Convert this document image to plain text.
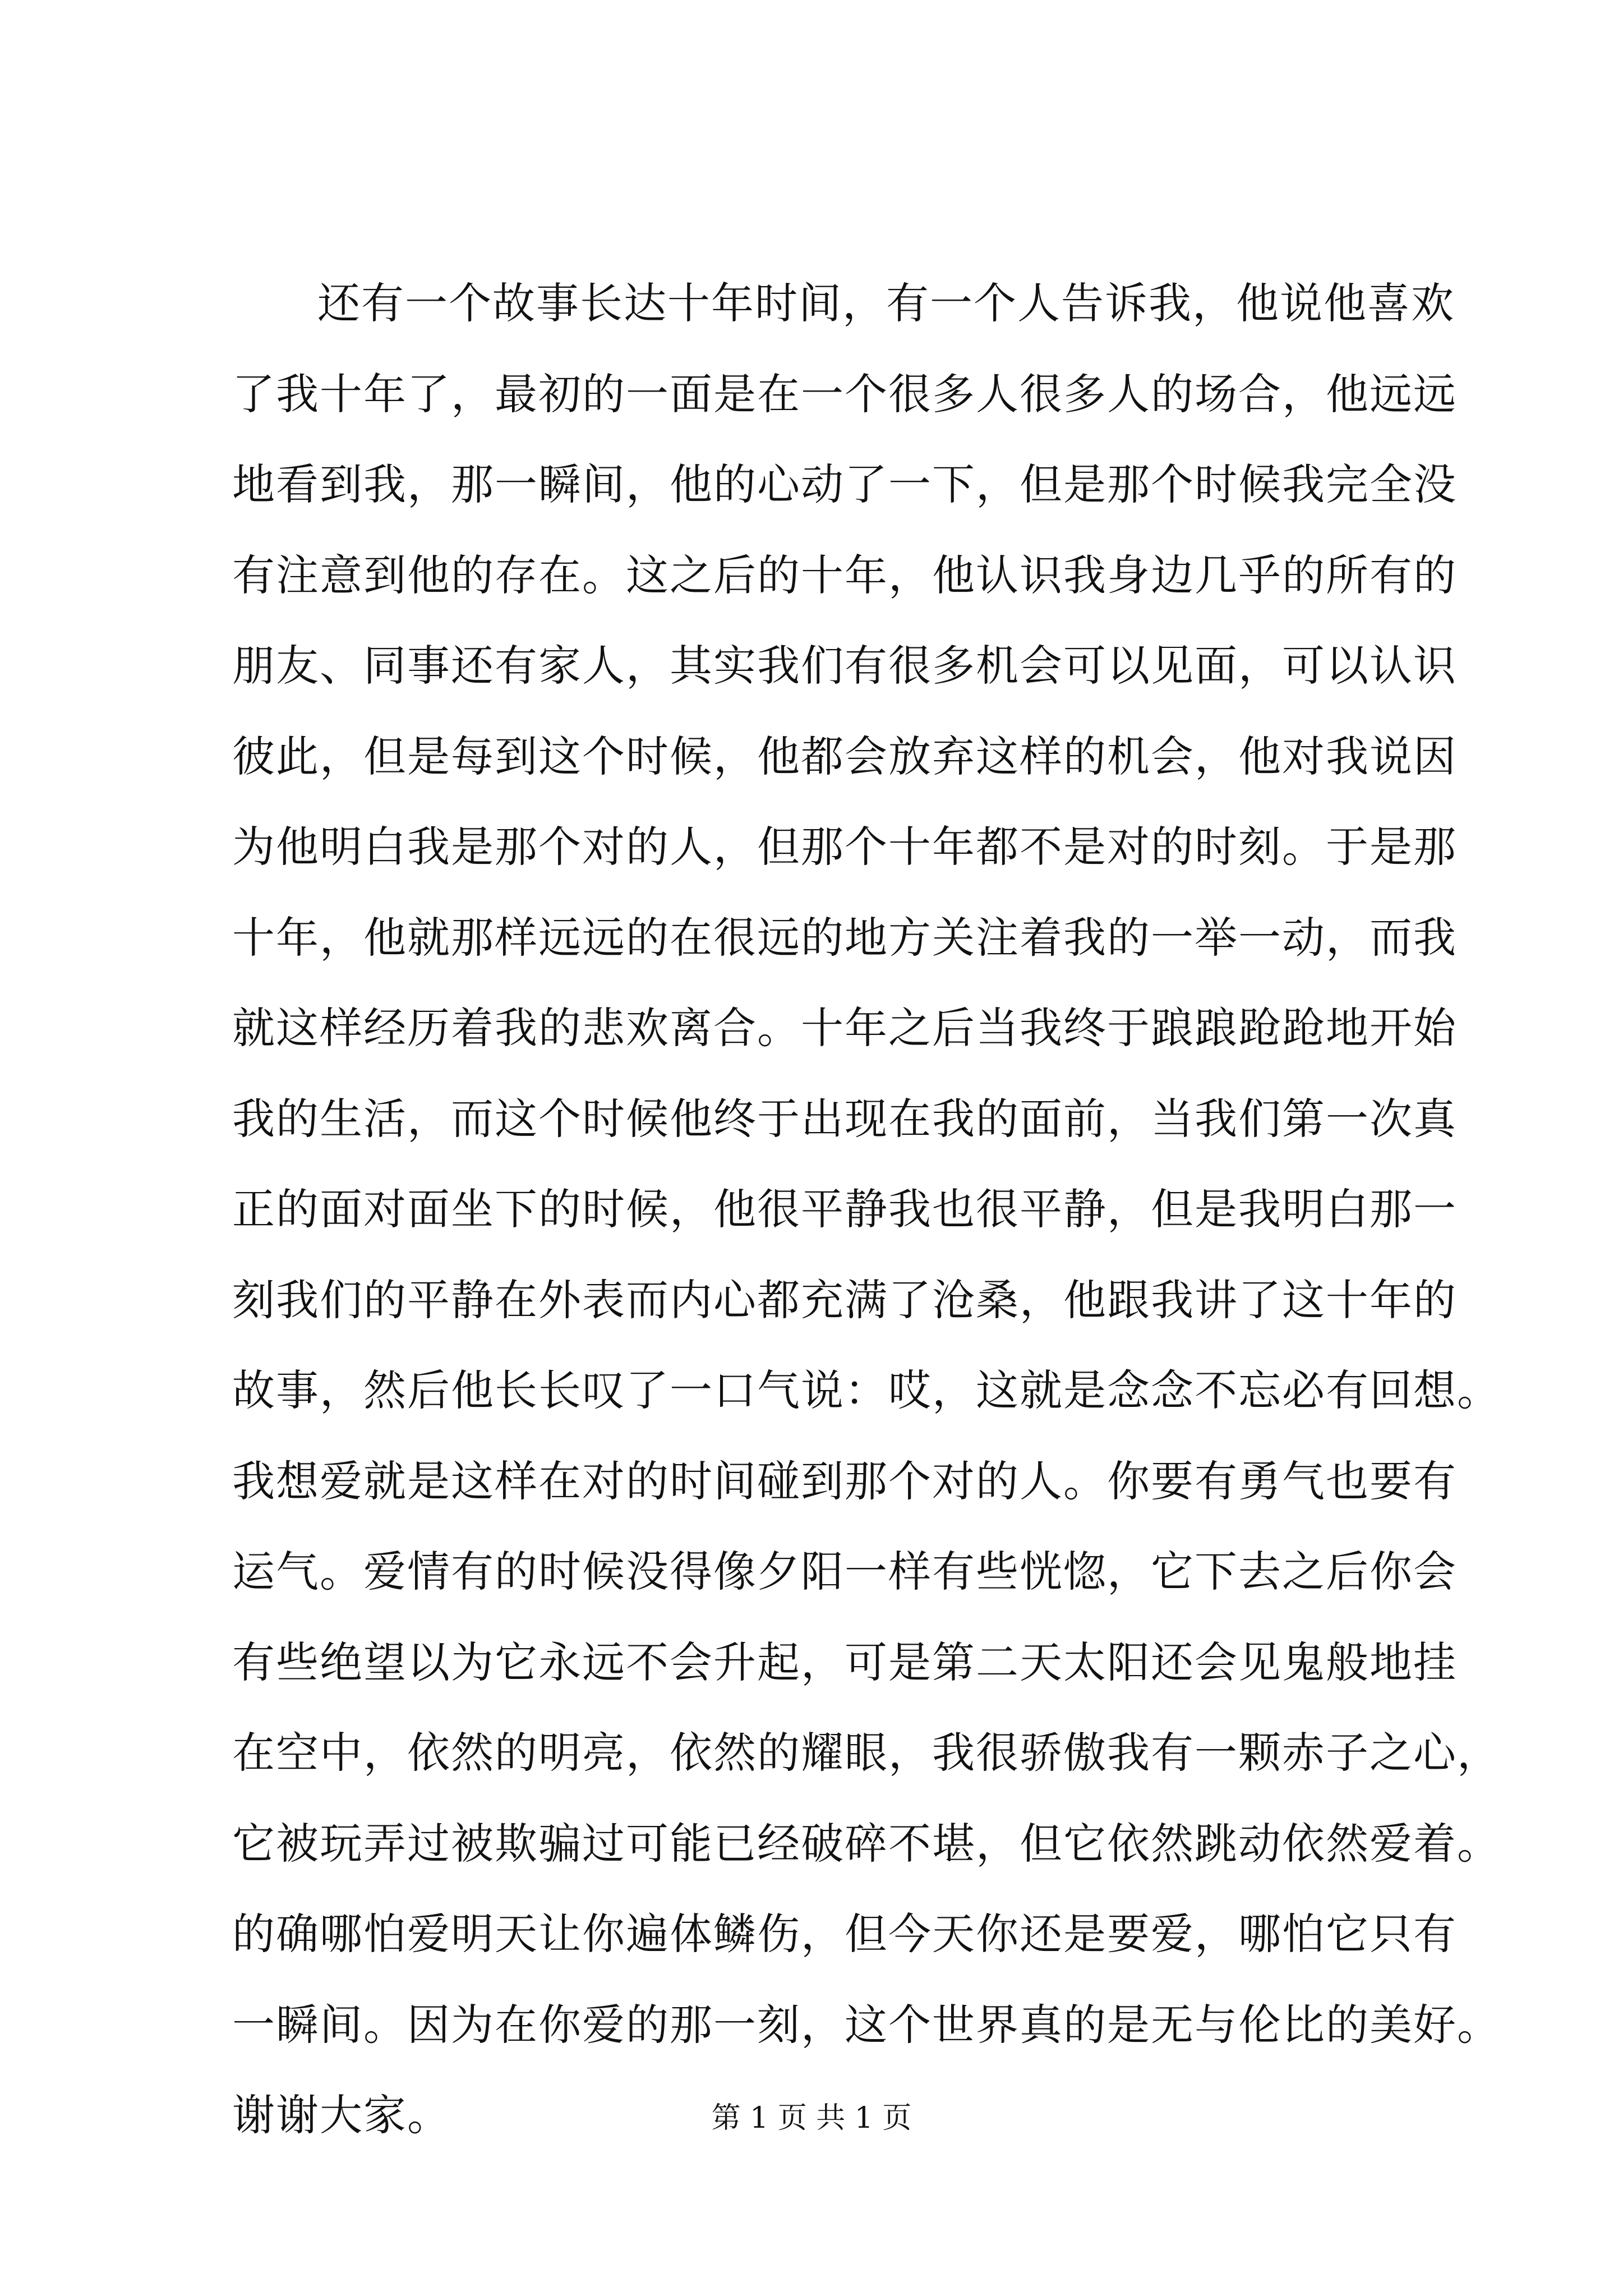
还有一个故事长达十年时间，有一个人告诉我，他说他喜欢
了我十年了，最初的一面是在一个很多人很多人的场合，他远远
地看到我，那一瞬间，他的心动了一下，但是那个时候我完全没
有注意到他的存在。这之后的十年，他认识我身边几乎的所有的
朋友、同事还有家人，其实我们有很多机会可以见面，可以认识
彼此，但是每到这个时候，他都会放弃这样的机会，他对我说因
为他明白我是那个对的人，但那个十年都不是对的时刻。于是那
十年，他就那样远远的在很远的地方关注着我的一举一动，而我
就这样经历着我的悲欢离合。十年之后当我终于踉踉跄跄地开始
我的生活，而这个时候他终于出现在我的面前，当我们第一次真
正的面对面坐下的时候，他很平静我也很平静，但是我明白那一
刻我们的平静在外表而内心都充满了沧桑，他跟我讲了这十年的
故事，然后他长长叹了一口气说：哎，这就是念念不忘必有回想。
我想爱就是这样在对的时间碰到那个对的人。你要有勇气也要有
运气。爱情有的时候没得像夕阳一样有些恍惚，它下去之后你会
有些绝望以为它永远不会升起，可是第二天太阳还会见鬼般地挂
在空中，依然的明亮，依然的耀眼，我很骄傲我有一颗赤子之心，
它被玩弄过被欺骗过可能已经破碎不堪，但它依然跳动依然爱着。
的确哪怕爱明天让你遍体鳞伤，但今天你还是要爱，哪怕它只有
一瞬间。因为在你爱的那一刻，这个世界真的是无与伦比的美好。
谢谢大家。	第 1 页 共 1 页
